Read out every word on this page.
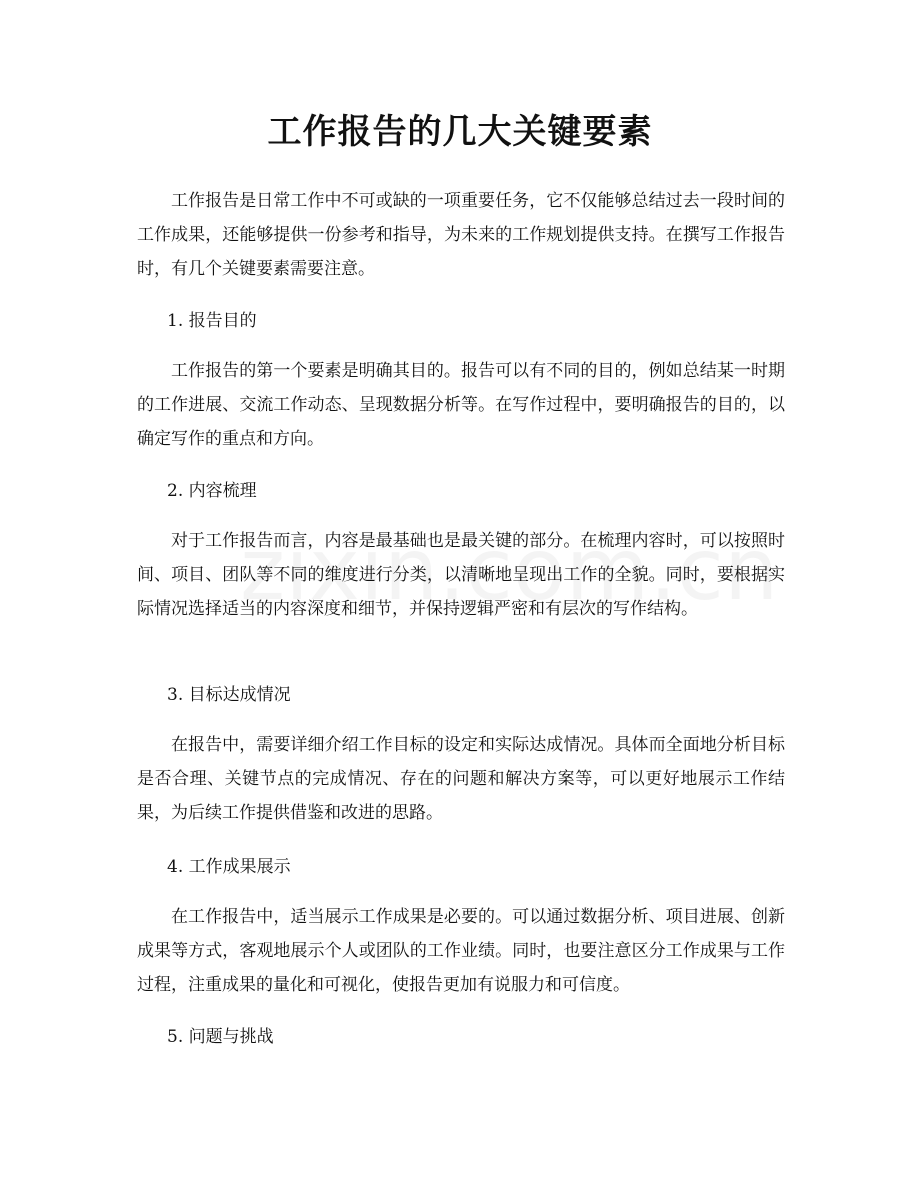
工作报告的几大关键要素

工作报告是日常工作中不可或缺的一项重要任务，它不仅能够总结过去一段时间的工作成果，还能够提供一份参考和指导，为未来的工作规划提供支持。在撰写工作报告时，有几个关键要素需要注意。

1. 报告目的

工作报告的第一个要素是明确其目的。报告可以有不同的目的，例如总结某一时期的工作进展、交流工作动态、呈现数据分析等。在写作过程中，要明确报告的目的，以确定写作的重点和方向。

2. 内容梳理

对于工作报告而言，内容是最基础也是最关键的部分。在梳理内容时，可以按照时间、项目、团队等不同的维度进行分类，以清晰地呈现出工作的全貌。同时，要根据实际情况选择适当的内容深度和细节，并保持逻辑严密和有层次的写作结构。

3. 目标达成情况

在报告中，需要详细介绍工作目标的设定和实际达成情况。具体而全面地分析目标是否合理、关键节点的完成情况、存在的问题和解决方案等，可以更好地展示工作结果，为后续工作提供借鉴和改进的思路。

4. 工作成果展示

在工作报告中，适当展示工作成果是必要的。可以通过数据分析、项目进展、创新成果等方式，客观地展示个人或团队的工作业绩。同时，也要注意区分工作成果与工作过程，注重成果的量化和可视化，使报告更加有说服力和可信度。

5. 问题与挑战
